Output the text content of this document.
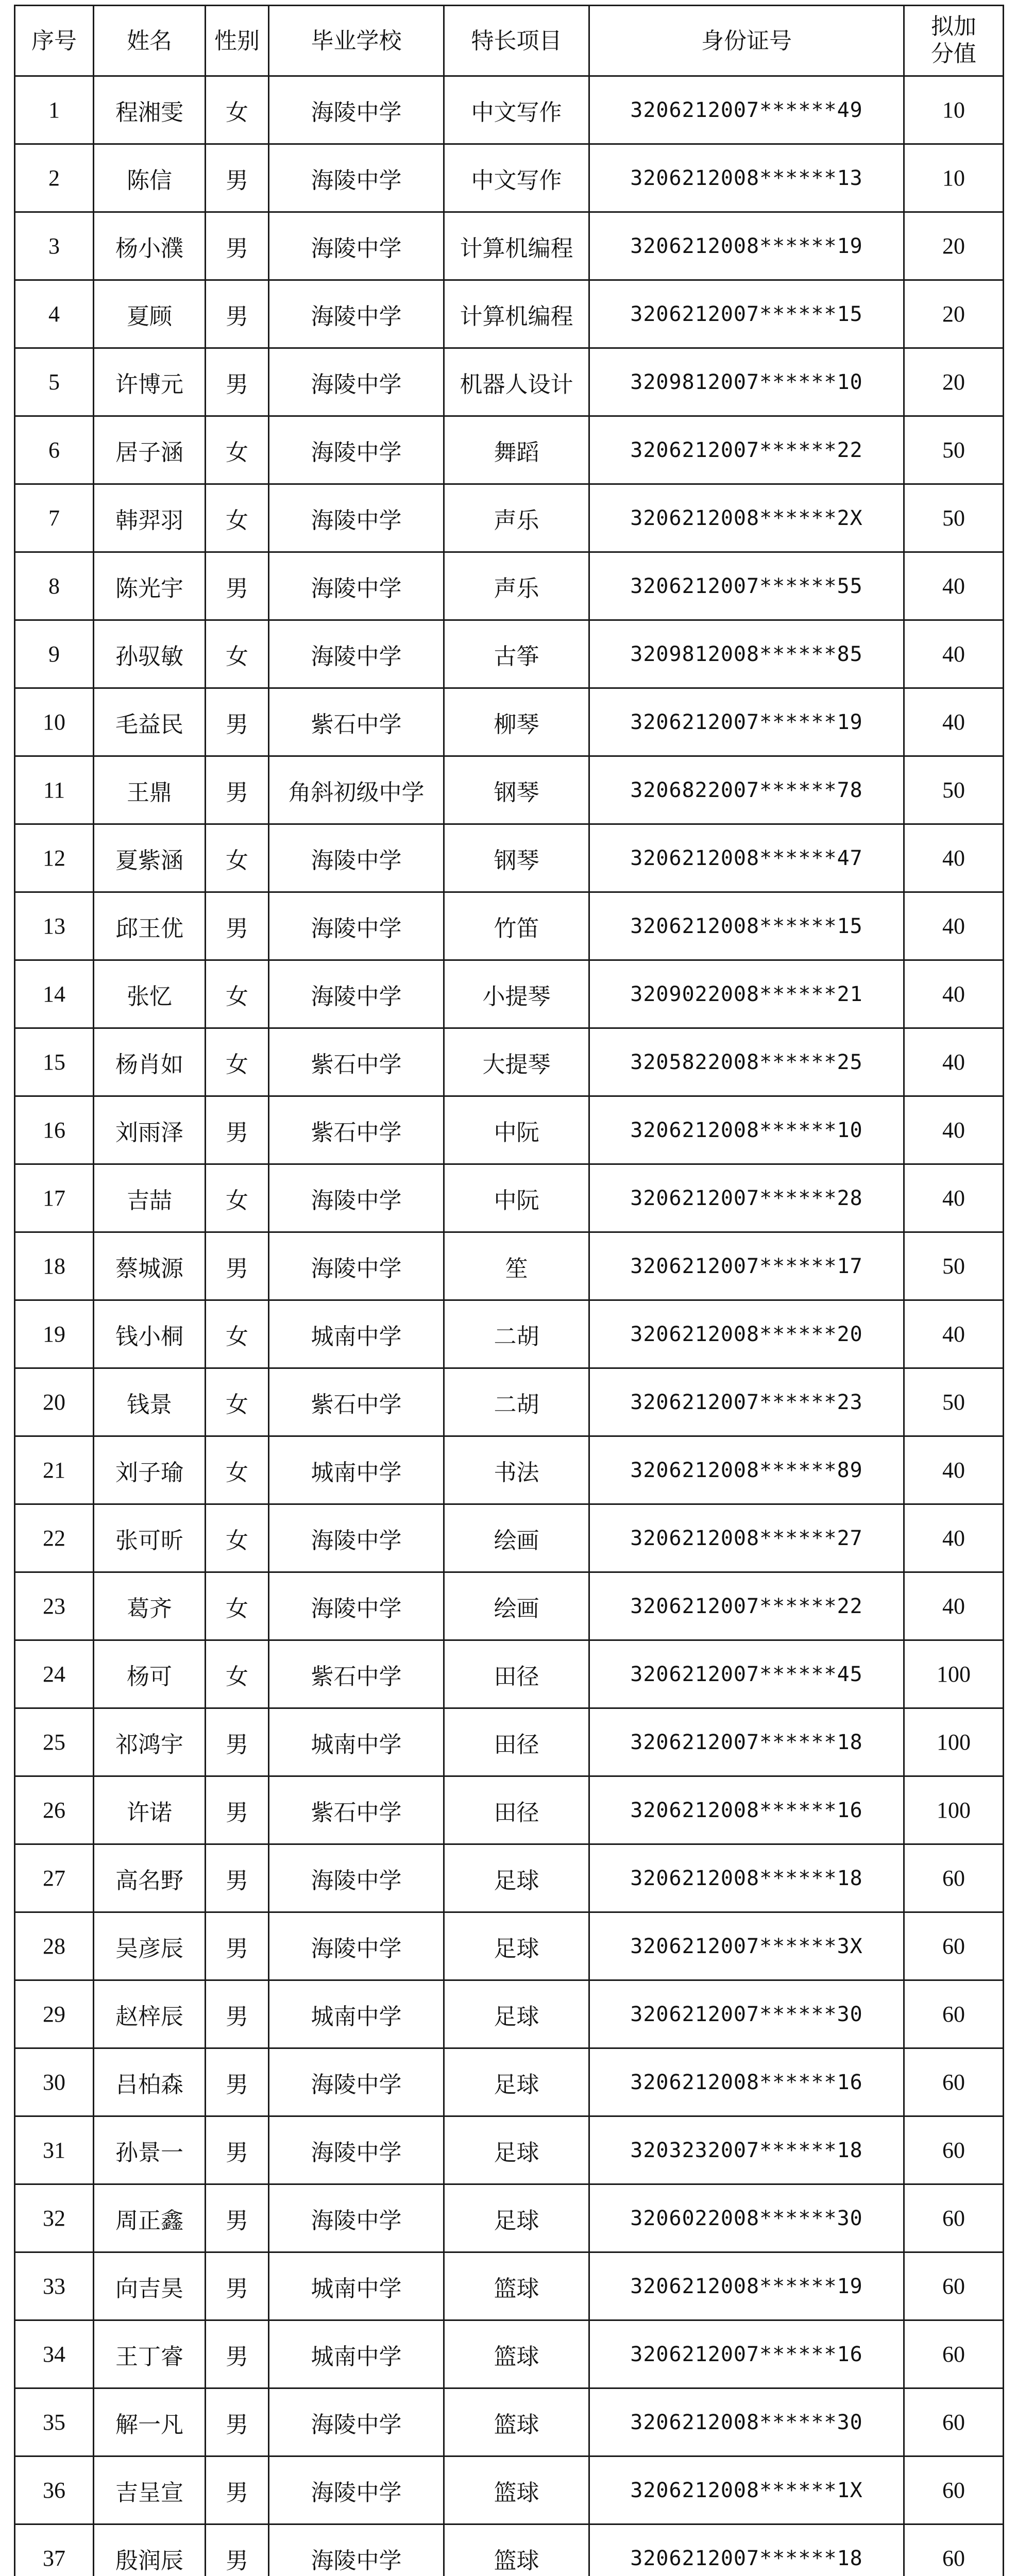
序号	姓名	性别	毕业学校	特长项目	身份证号	拟加分值
1	程湘雯	女	海陵中学	中文写作	3206212007******49	10
2	陈信	男	海陵中学	中文写作	3206212008******13	10
3	杨小濮	男	海陵中学	计算机编程	3206212008******19	20
4	夏顾	男	海陵中学	计算机编程	3206212007******15	20
5	许博元	男	海陵中学	机器人设计	3209812007******10	20
6	居子涵	女	海陵中学	舞蹈	3206212007******22	50
7	韩羿羽	女	海陵中学	声乐	3206212008******2X	50
8	陈光宇	男	海陵中学	声乐	3206212007******55	40
9	孙驭敏	女	海陵中学	古筝	3209812008******85	40
10	毛益民	男	紫石中学	柳琴	3206212007******19	40
11	王鼎	男	角斜初级中学	钢琴	3206822007******78	50
12	夏紫涵	女	海陵中学	钢琴	3206212008******47	40
13	邱王优	男	海陵中学	竹笛	3206212008******15	40
14	张忆	女	海陵中学	小提琴	3209022008******21	40
15	杨肖如	女	紫石中学	大提琴	3205822008******25	40
16	刘雨泽	男	紫石中学	中阮	3206212008******10	40
17	吉喆	女	海陵中学	中阮	3206212007******28	40
18	蔡城源	男	海陵中学	笙	3206212007******17	50
19	钱小桐	女	城南中学	二胡	3206212008******20	40
20	钱景	女	紫石中学	二胡	3206212007******23	50
21	刘子瑜	女	城南中学	书法	3206212008******89	40
22	张可昕	女	海陵中学	绘画	3206212008******27	40
23	葛齐	女	海陵中学	绘画	3206212007******22	40
24	杨可	女	紫石中学	田径	3206212007******45	100
25	祁鸿宇	男	城南中学	田径	3206212007******18	100
26	许诺	男	紫石中学	田径	3206212008******16	100
27	高名野	男	海陵中学	足球	3206212008******18	60
28	吴彦辰	男	海陵中学	足球	3206212007******3X	60
29	赵梓辰	男	城南中学	足球	3206212007******30	60
30	吕柏森	男	海陵中学	足球	3206212008******16	60
31	孙景一	男	海陵中学	足球	3203232007******18	60
32	周正鑫	男	海陵中学	足球	3206022008******30	60
33	向吉昊	男	城南中学	篮球	3206212008******19	60
34	王丁睿	男	城南中学	篮球	3206212007******16	60
35	解一凡	男	海陵中学	篮球	3206212008******30	60
36	吉呈宣	男	海陵中学	篮球	3206212008******1X	60
37	殷润辰	男	海陵中学	篮球	3206212007******18	60
